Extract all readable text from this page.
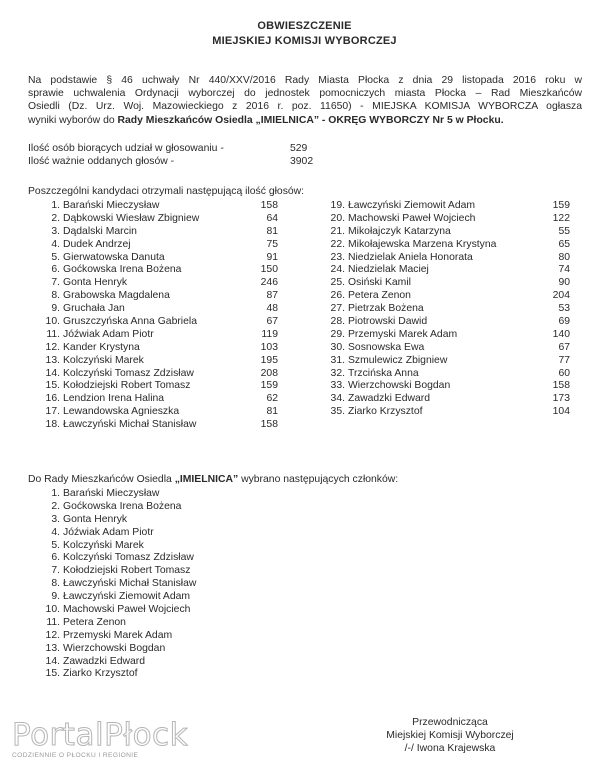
OBWIESZCZENIE
MIEJSKIEJ KOMISJI WYBORCZEJ
Na podstawie § 46 uchwały Nr 440/XXV/2016 Rady Miasta Płocka z dnia 29 listopada 2016 roku w
sprawie uchwalenia Ordynacji wyborczej do jednostek pomocniczych miasta Płocka – Rad Mieszkańców
Osiedli (Dz. Urz. Woj. Mazowieckiego z 2016 r. poz. 11650) - MIEJSKA KOMISJA WYBORCZA ogłasza
wyniki wyborów do Rady Mieszkańców Osiedla „IMIELNICA” - OKRĘG WYBORCZY Nr 5 w Płocku.
Ilość osób biorących udział w głosowaniu -	529
Ilość ważnie oddanych głosów -	3902
Poszczególni kandydaci otrzymali następującą ilość głosów:
1. Barański Mieczysław	158
2. Dąbkowski Wiesław Zbigniew	64
3. Dądalski Marcin	81
4. Dudek Andrzej	75
5. Gierwatowska Danuta	91
6. Goćkowska Irena Bożena	150
7. Gonta Henryk	246
8. Grabowska Magdalena	87
9. Gruchała Jan	48
10. Gruszczyńska Anna Gabriela	67
11. Jóźwiak Adam Piotr	119
12. Kander Krystyna	103
13. Kolczyński Marek	195
14. Kolczyński Tomasz Zdzisław	208
15. Kołodziejski Robert Tomasz	159
16. Lendzion Irena Halina	62
17. Lewandowska Agnieszka	81
18. Ławczyński Michał Stanisław	158
19. Ławczyński Ziemowit Adam	159
20. Machowski Paweł Wojciech	122
21. Mikołajczyk Katarzyna	55
22. Mikołajewska Marzena Krystyna	65
23. Niedzielak Aniela Honorata	80
24. Niedzielak Maciej	74
25. Osiński Kamil	90
26. Petera Zenon	204
27. Pietrzak Bożena	53
28. Piotrowski Dawid	69
29. Przemyski Marek Adam	140
30. Sosnowska Ewa	67
31. Szmulewicz Zbigniew	77
32. Trzcińska Anna	60
33. Wierzchowski Bogdan	158
34. Zawadzki Edward	173
35. Ziarko Krzysztof	104
Do Rady Mieszkańców Osiedla „IMIELNICA” wybrano następujących członków:
1. Barański Mieczysław
2. Goćkowska Irena Bożena
3. Gonta Henryk
4. Jóźwiak Adam Piotr
5. Kolczyński Marek
6. Kolczyński Tomasz Zdzisław
7. Kołodziejski Robert Tomasz
8. Ławczyński Michał Stanisław
9. Ławczyński Ziemowit Adam
10. Machowski Paweł Wojciech
11. Petera Zenon
12. Przemyski Marek Adam
13. Wierzchowski Bogdan
14. Zawadzki Edward
15. Ziarko Krzysztof
Przewodnicząca
Miejskiej Komisji Wyborczej
/-/ Iwona Krajewska
PortalPłock
CODZIENNIE O PŁOCKU I REGIONIE
